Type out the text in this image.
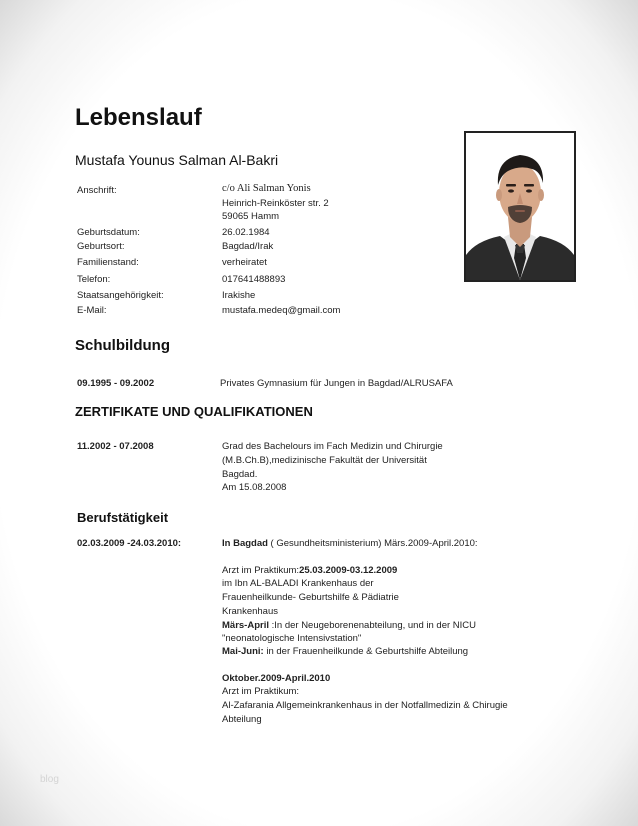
Lebenslauf
Mustafa Younus Salman Al-Bakri
Anschrift:	c/o Ali Salman Yonis
Heinrich-Reinköster str. 2
59065 Hamm
Geburtsdatum:	26.02.1984
Geburtsort:	Bagdad/Irak
Familienstand:	verheiratet
Telefon:	017641488893
Staatsangehörigkeit:	Irakishe
E-Mail:	mustafa.medeq@gmail.com
Schulbildung
09.1995 - 09.2002	Privates Gymnasium für Jungen in Bagdad/ALRUSAFA
ZERTIFIKATE UND QUALIFIKATIONEN
11.2002 - 07.2008	Grad des Bachelours im Fach Medizin und Chirurgie
(M.B.Ch.B),medizinische Fakultät der Universität
Bagdad.
Am 15.08.2008
Berufstätigkeit
02.03.2009 -24.03.2010:	In Bagdad ( Gesundheitsministerium) Märs.2009-April.2010:
Arzt im Praktikum:25.03.2009-03.12.2009
im Ibn AL-BALADI Krankenhaus der
Frauenheilkunde- Geburtshilfe & Pädiatrie
Krankenhaus
Märs-April :In der Neugeborenenabteilung, und in der NICU
"neonatologische Intensivstation"
Mai-Juni: in der Frauenheilkunde & Geburtshilfe Abteilung
Oktober.2009-April.2010
Arzt im Praktikum:
Al-Zafarania Allgemeinkrankenhaus in der Notfallmedizin & Chirugie
Abteilung
blog
